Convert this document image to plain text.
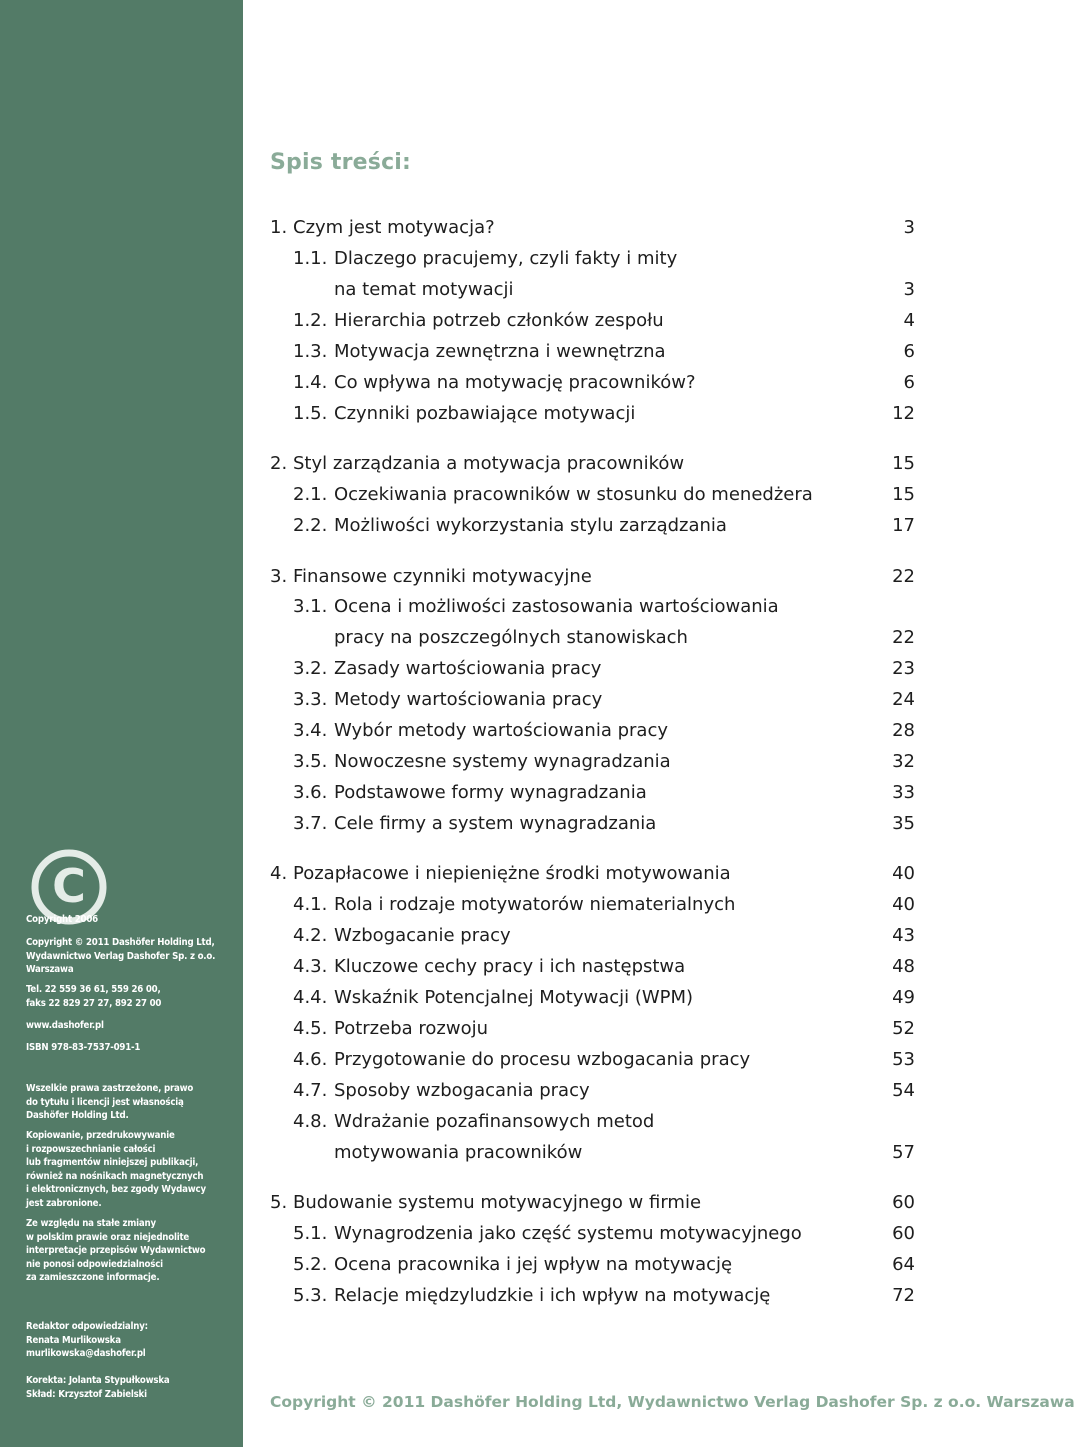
C
Copyright 2006
Copyright © 2011 Dashöfer Holding Ltd,
Wydawnictwo Verlag Dashofer Sp. z o.o.
Warszawa
Tel. 22 559 36 61, 559 26 00,
faks 22 829 27 27, 892 27 00
www.dashofer.pl
ISBN 978-83-7537-091-1
Wszelkie prawa zastrzeżone, prawo
do tytułu i licencji jest własnością
Dashöfer Holding Ltd.
Kopiowanie, przedrukowywanie
i rozpowszechnianie całości
lub fragmentów niniejszej publikacji,
również na nośnikach magnetycznych
i elektronicznych, bez zgody Wydawcy
jest zabronione.
Ze względu na stałe zmiany
w polskim prawie oraz niejednolite
interpretacje przepisów Wydawnictwo
nie ponosi odpowiedzialności
za zamieszczone informacje.
Redaktor odpowiedzialny:
Renata Murlikowska
murlikowska@dashofer.pl
Korekta: Jolanta Stypułkowska
Skład: Krzysztof Zabielski
Spis treści:
1. Czym jest motywacja?	3
1.1. Dlaczego pracujemy, czyli fakty i mity
na temat motywacji	3
1.2. Hierarchia potrzeb członków zespołu	4
1.3. Motywacja zewnętrzna i wewnętrzna	6
1.4. Co wpływa na motywację pracowników?	6
1.5. Czynniki pozbawiające motywacji	12
2. Styl zarządzania a motywacja pracowników	15
2.1. Oczekiwania pracowników w stosunku do menedżera	15
2.2. Możliwości wykorzystania stylu zarządzania	17
3. Finansowe czynniki motywacyjne	22
3.1. Ocena i możliwości zastosowania wartościowania
pracy na poszczególnych stanowiskach	22
3.2. Zasady wartościowania pracy	23
3.3. Metody wartościowania pracy	24
3.4. Wybór metody wartościowania pracy	28
3.5. Nowoczesne systemy wynagradzania	32
3.6. Podstawowe formy wynagradzania	33
3.7. Cele firmy a system wynagradzania	35
4. Pozapłacowe i niepieniężne środki motywowania	40
4.1. Rola i rodzaje motywatorów niematerialnych	40
4.2. Wzbogacanie pracy	43
4.3. Kluczowe cechy pracy i ich następstwa	48
4.4. Wskaźnik Potencjalnej Motywacji (WPM)	49
4.5. Potrzeba rozwoju	52
4.6. Przygotowanie do procesu wzbogacania pracy	53
4.7. Sposoby wzbogacania pracy	54
4.8. Wdrażanie pozafinansowych metod
motywowania pracowników	57
5. Budowanie systemu motywacyjnego w firmie	60
5.1. Wynagrodzenia jako część systemu motywacyjnego	60
5.2. Ocena pracownika i jej wpływ na motywację	64
5.3. Relacje międzyludzkie i ich wpływ na motywację	72
Copyright © 2011 Dashöfer Holding Ltd, Wydawnictwo Verlag Dashofer Sp. z o.o. Warszawa
